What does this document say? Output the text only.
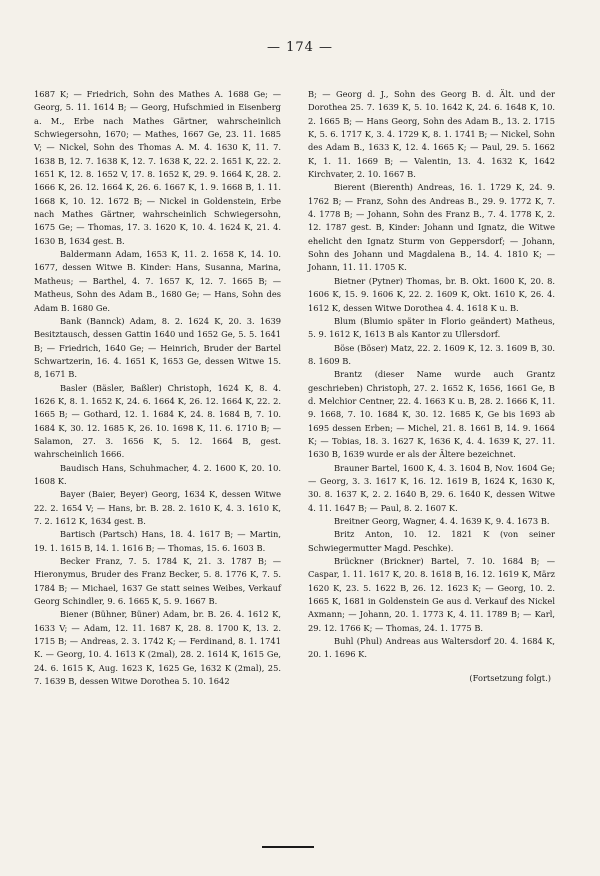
— 174 —

1687 K; — Friedrich, Sohn des Mathes A. 1688 Ge; — Georg, 5. 11. 1614 B; — Georg, Hufschmied in Eisenberg a. M., Erbe nach Mathes Gärtner, wahrscheinlich Schwiegersohn, 1670; — Mathes, 1667 Ge, 23. 11. 1685 V; — Nickel, Sohn des Thomas A. M. 4. 1630 K, 11. 7. 1638 B, 12. 7. 1638 K, 12. 7. 1638 K, 22. 2. 1651 K, 22. 2. 1651 K, 12. 8. 1652 V, 17. 8. 1652 K, 29. 9. 1664 K, 28. 2. 1666 K, 26. 12. 1664 K, 26. 6. 1667 K, 1. 9. 1668 B, 1. 11. 1668 K, 10. 12. 1672 B; — Nickel in Goldenstein, Erbe nach Mathes Gärtner, wahrscheinlich Schwiegersohn, 1675 Ge; — Thomas, 17. 3. 1620 K, 10. 4. 1624 K, 21. 4. 1630 B, 1634 gest. B.

Baldermann Adam, 1653 K, 11. 2. 1658 K, 14. 10. 1677, dessen Witwe B. Kinder: Hans, Susanna, Marina, Matheus; — Barthel, 4. 7. 1657 K, 12. 7. 1665 B; — Matheus, Sohn des Adam B., 1680 Ge; — Hans, Sohn des Adam B. 1680 Ge.

Bank (Bannck) Adam, 8. 2. 1624 K, 20. 3. 1639 Besitztausch, dessen Gattin 1640 und 1652 Ge, 5. 5. 1641 B; — Friedrich, 1640 Ge; — Heinrich, Bruder der Bartel Schwartzerin, 16. 4. 1651 K, 1653 Ge, dessen Witwe 15. 8, 1671 B.

Basler (Bäsler, Baßler) Christoph, 1624 K, 8. 4. 1626 K, 8. 1. 1652 K, 24. 6. 1664 K, 26. 12. 1664 K, 22. 2. 1665 B; — Gothard, 12. 1. 1684 K, 24. 8. 1684 B, 7. 10. 1684 K, 30. 12. 1685 K, 26. 10. 1698 K, 11. 6. 1710 B; — Salamon, 27. 3. 1656 K, 5. 12. 1664 B, gest. wahrscheinlich 1666.

Baudisch Hans, Schuhmacher, 4. 2. 1600 K, 20. 10. 1608 K.

Bayer (Baier, Beyer) Georg, 1634 K, dessen Witwe 22. 2. 1654 V; — Hans, br. B. 28. 2. 1610 K, 4. 3. 1610 K, 7. 2. 1612 K, 1634 gest. B.

Bartisch (Partsch) Hans, 18. 4. 1617 B; — Martin, 19. 1. 1615 B, 14. 1. 1616 B; — Thomas, 15. 6. 1603 B.

Becker Franz, 7. 5. 1784 K, 21. 3. 1787 B; — Hieronymus, Bruder des Franz Becker, 5. 8. 1776 K, 7. 5. 1784 B; — Michael, 1637 Ge statt seines Weibes, Verkauf Georg Schindler, 9. 6. 1665 K, 5. 9. 1667 B.

Biener (Bühner, Büner) Adam, br. B. 26. 4. 1612 K, 1633 V; — Adam, 12. 11. 1687 K, 28. 8. 1700 K, 13. 2. 1715 B; — Andreas, 2. 3. 1742 K; — Ferdinand, 8. 1. 1741 K. — Georg, 10. 4. 1613 K (2mal), 28. 2. 1614 K, 1615 Ge, 24. 6. 1615 K, Aug. 1623 K, 1625 Ge, 1632 K (2mal), 25. 7. 1639 B, dessen Witwe Dorothea 5. 10. 1642

B; — Georg d. J., Sohn des Georg B. d. Ält. und der Dorothea 25. 7. 1639 K, 5. 10. 1642 K, 24. 6. 1648 K, 10. 2. 1665 B; — Hans Georg, Sohn des Adam B., 13. 2. 1715 K, 5. 6. 1717 K, 3. 4. 1729 K, 8. 1. 1741 B; — Nickel, Sohn des Adam B., 1633 K, 12. 4. 1665 K; — Paul, 29. 5. 1662 K, 1. 11. 1669 B; — Valentin, 13. 4. 1632 K, 1642 Kirchvater, 2. 10. 1667 B.

Bierent (Bierenth) Andreas, 16. 1. 1729 K, 24. 9. 1762 B; — Franz, Sohn des Andreas B., 29. 9. 1772 K, 7. 4. 1778 B; — Johann, Sohn des Franz B., 7. 4. 1778 K, 2. 12. 1787 gest. B, Kinder: Johann und Ignatz, die Witwe ehelicht den Ignatz Sturm von Geppersdorf; — Johann, Sohn des Johann und Magdalena B., 14. 4. 1810 K; — Johann, 11. 11. 1705 K.

Bietner (Pytner) Thomas, br. B. Okt. 1600 K, 20. 8. 1606 K, 15. 9. 1606 K, 22. 2. 1609 K, Okt. 1610 K, 26. 4. 1612 K, dessen Witwe Dorothea 4. 4. 1618 K u. B.

Blum (Blumio später in Florio geändert) Matheus, 5. 9. 1612 K, 1613 B als Kantor zu Ullersdorf.

Böse (Böser) Matz, 22. 2. 1609 K, 12. 3. 1609 B, 30. 8. 1609 B.

Brantz (dieser Name wurde auch Grantz geschrieben) Christoph, 27. 2. 1652 K, 1656, 1661 Ge, B d. Melchior Centner, 22. 4. 1663 K u. B, 28. 2. 1666 K, 11. 9. 1668, 7. 10. 1684 K, 30. 12. 1685 K, Ge bis 1693 ab 1695 dessen Erben; — Michel, 21. 8. 1661 B, 14. 9. 1664 K; — Tobias, 18. 3. 1627 K, 1636 K, 4. 4. 1639 K, 27. 11. 1630 B, 1639 wurde er als der Ältere bezeichnet.

Brauner Bartel, 1600 K, 4. 3. 1604 B, Nov. 1604 Ge; — Georg, 3. 3. 1617 K, 16. 12. 1619 B, 1624 K, 1630 K, 30. 8. 1637 K, 2. 2. 1640 B, 29. 6. 1640 K, dessen Witwe 4. 11. 1647 B; — Paul, 8. 2. 1607 K.

Breitner Georg, Wagner, 4. 4. 1639 K, 9. 4. 1673 B.

Britz Anton, 10. 12. 1821 K (von seiner Schwiegermutter Magd. Peschke).

Brückner (Brickner) Bartel, 7. 10. 1684 B; — Caspar, 1. 11. 1617 K, 20. 8. 1618 B, 16. 12. 1619 K, März 1620 K, 23. 5. 1622 B, 26. 12. 1623 K; — Georg, 10. 2. 1665 K, 1681 in Goldenstein Ge aus d. Verkauf des Nickel Axmann; — Johann, 20. 1. 1773 K, 4. 11. 1789 B; — Karl, 29. 12. 1766 K; — Thomas, 24. 1. 1775 B.

Buhl (Phul) Andreas aus Waltersdorf 20. 4. 1684 K, 20. 1. 1696 K.

(Fortsetzung folgt.)
